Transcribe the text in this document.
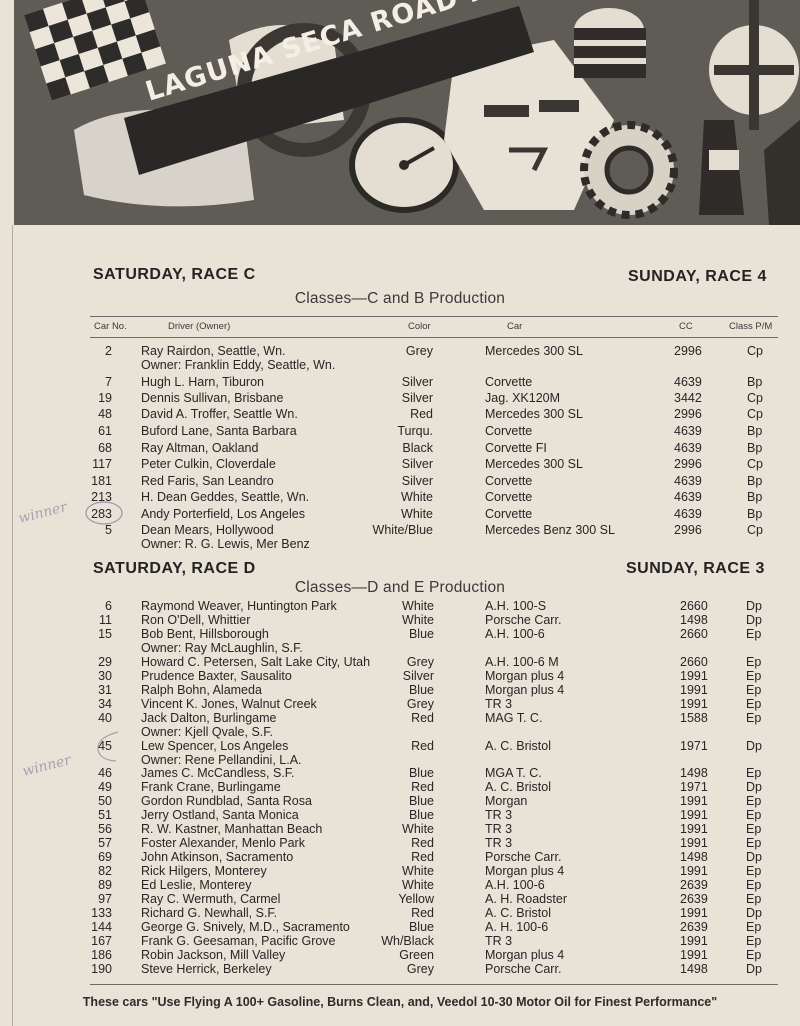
LAGUNA SECA ROAD
SATURDAY, RACE C	SUNDAY, RACE 4
Classes—C and B Production
Car No.	Driver (Owner)	Color	Car	CC	Class P/M
2 Ray Rairdon, Seattle, Wn.	Grey	Mercedes 300 SL	2996	Cp
Owner: Franklin Eddy, Seattle, Wn.
7 Hugh L. Harn, Tiburon	Silver	Corvette	4639	Bp
19 Dennis Sullivan, Brisbane	Silver	Jag. XK120M	3442	Cp
48 David A. Troffer, Seattle Wn.	Red	Mercedes 300 SL	2996	Cp
61 Buford Lane, Santa Barbara	Turqu.	Corvette	4639	Bp
68 Ray Altman, Oakland	Black	Corvette FI	4639	Bp
117 Peter Culkin, Cloverdale	Silver	Mercedes 300 SL	2996	Cp
181 Red Faris, San Leandro	Silver	Corvette	4639	Bp
213 H. Dean Geddes, Seattle, Wn.	White	Corvette	4639	Bp
283 Andy Porterfield, Los Angeles	White	Corvette	4639	Bp
5 Dean Mears, Hollywood	White/Blue	Mercedes Benz 300 SL	2996	Cp
Owner: R. G. Lewis, Mer Benz
SATURDAY, RACE D	SUNDAY, RACE 3
Classes—D and E Production
6 Raymond Weaver, Huntington Park	White	A.H. 100-S	2660	Dp
11 Ron O'Dell, Whittier	White	Porsche Carr.	1498	Dp
15 Bob Bent, Hillsborough	Blue	A.H. 100-6	2660	Ep
Owner: Ray McLaughlin, S.F.
29 Howard C. Petersen, Salt Lake City, Utah	Grey	A.H. 100-6 M	2660	Ep
30 Prudence Baxter, Sausalito	Silver	Morgan plus 4	1991	Ep
31 Ralph Bohn, Alameda	Blue	Morgan plus 4	1991	Ep
34 Vincent K. Jones, Walnut Creek	Grey	TR 3	1991	Ep
40 Jack Dalton, Burlingame	Red	MAG T. C.	1588	Ep
Owner: Kjell Qvale, S.F.
45 Lew Spencer, Los Angeles	Red	A. C. Bristol	1971	Dp
Owner: Rene Pellandini, L.A.
46 James C. McCandless, S.F.	Blue	MGA T. C.	1498	Ep
49 Frank Crane, Burlingame	Red	A. C. Bristol	1971	Dp
50 Gordon Rundblad, Santa Rosa	Blue	Morgan	1991	Ep
51 Jerry Ostland, Santa Monica	Blue	TR 3	1991	Ep
56 R. W. Kastner, Manhattan Beach	White	TR 3	1991	Ep
57 Foster Alexander, Menlo Park	Red	TR 3	1991	Ep
69 John Atkinson, Sacramento	Red	Porsche Carr.	1498	Dp
82 Rick Hilgers, Monterey	White	Morgan plus 4	1991	Ep
89 Ed Leslie, Monterey	White	A.H. 100-6	2639	Ep
97 Ray C. Wermuth, Carmel	Yellow	A. H. Roadster	2639	Ep
133 Richard G. Newhall, S.F.	Red	A. C. Bristol	1991	Dp
144 George G. Snively, M.D., Sacramento	Blue	A. H. 100-6	2639	Ep
167 Frank G. Geesaman, Pacific Grove	Wh/Black	TR 3	1991	Ep
186 Robin Jackson, Mill Valley	Green	Morgan plus 4	1991	Ep
190 Steve Herrick, Berkeley	Grey	Porsche Carr.	1498	Dp
winner
winner
These cars "Use Flying A 100+ Gasoline, Burns Clean, and, Veedol 10-30 Motor Oil for Finest Performance"
